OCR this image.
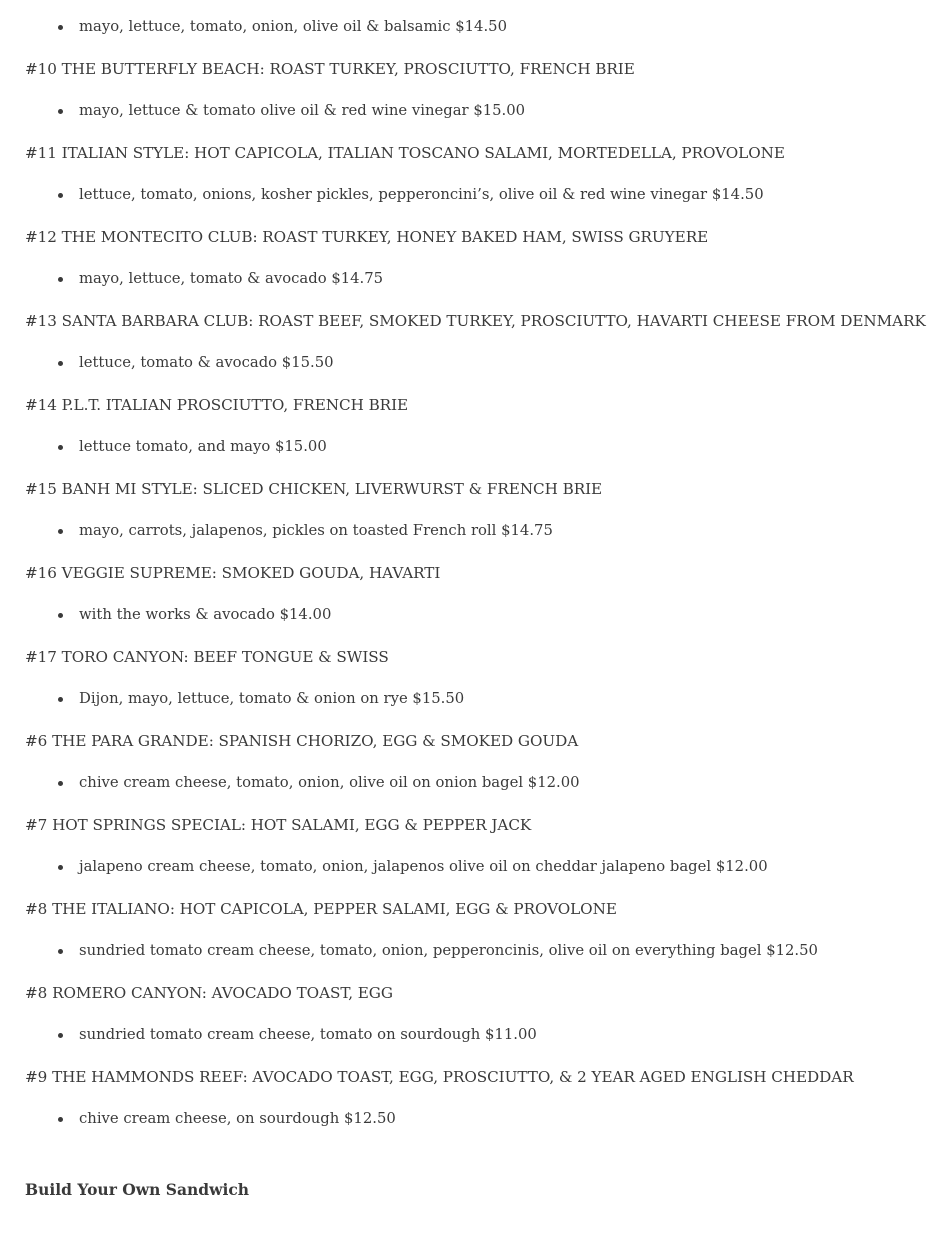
mayo, lettuce, tomato, onion, olive oil & balsamic $14.50

#10 THE BUTTERFLY BEACH: ROAST TURKEY, PROSCIUTTO, FRENCH BRIE

mayo, lettuce & tomato olive oil & red wine vinegar $15.00

#11 ITALIAN STYLE: HOT CAPICOLA, ITALIAN TOSCANO SALAMI, MORTEDELLA, PROVOLONE

lettuce, tomato, onions, kosher pickles, pepperoncini’s, olive oil & red wine vinegar $14.50

#12 THE MONTECITO CLUB: ROAST TURKEY, HONEY BAKED HAM, SWISS GRUYERE

mayo, lettuce, tomato & avocado $14.75

#13 SANTA BARBARA CLUB: ROAST BEEF, SMOKED TURKEY, PROSCIUTTO, HAVARTI CHEESE FROM DENMARK

lettuce, tomato & avocado $15.50

#14 P.L.T. ITALIAN PROSCIUTTO, FRENCH BRIE

lettuce tomato, and mayo $15.00

#15 BANH MI STYLE: SLICED CHICKEN, LIVERWURST & FRENCH BRIE

mayo, carrots, jalapenos, pickles on toasted French roll $14.75

#16 VEGGIE SUPREME: SMOKED GOUDA, HAVARTI

with the works & avocado $14.00

#17 TORO CANYON: BEEF TONGUE & SWISS

Dijon, mayo, lettuce, tomato & onion on rye $15.50

#6 THE PARA GRANDE: SPANISH CHORIZO, EGG & SMOKED GOUDA

chive cream cheese, tomato, onion, olive oil on onion bagel $12.00

#7 HOT SPRINGS SPECIAL: HOT SALAMI, EGG & PEPPER JACK

jalapeno cream cheese, tomato, onion, jalapenos olive oil on cheddar jalapeno bagel $12.00

#8 THE ITALIANO: HOT CAPICOLA, PEPPER SALAMI, EGG & PROVOLONE

sundried tomato cream cheese, tomato, onion, pepperoncinis, olive oil on everything bagel $12.50

#8 ROMERO CANYON: AVOCADO TOAST, EGG

sundried tomato cream cheese, tomato on sourdough $11.00

#9 THE HAMMONDS REEF: AVOCADO TOAST, EGG, PROSCIUTTO, & 2 YEAR AGED ENGLISH CHEDDAR

chive cream cheese, on sourdough $12.50
Build Your Own Sandwich
